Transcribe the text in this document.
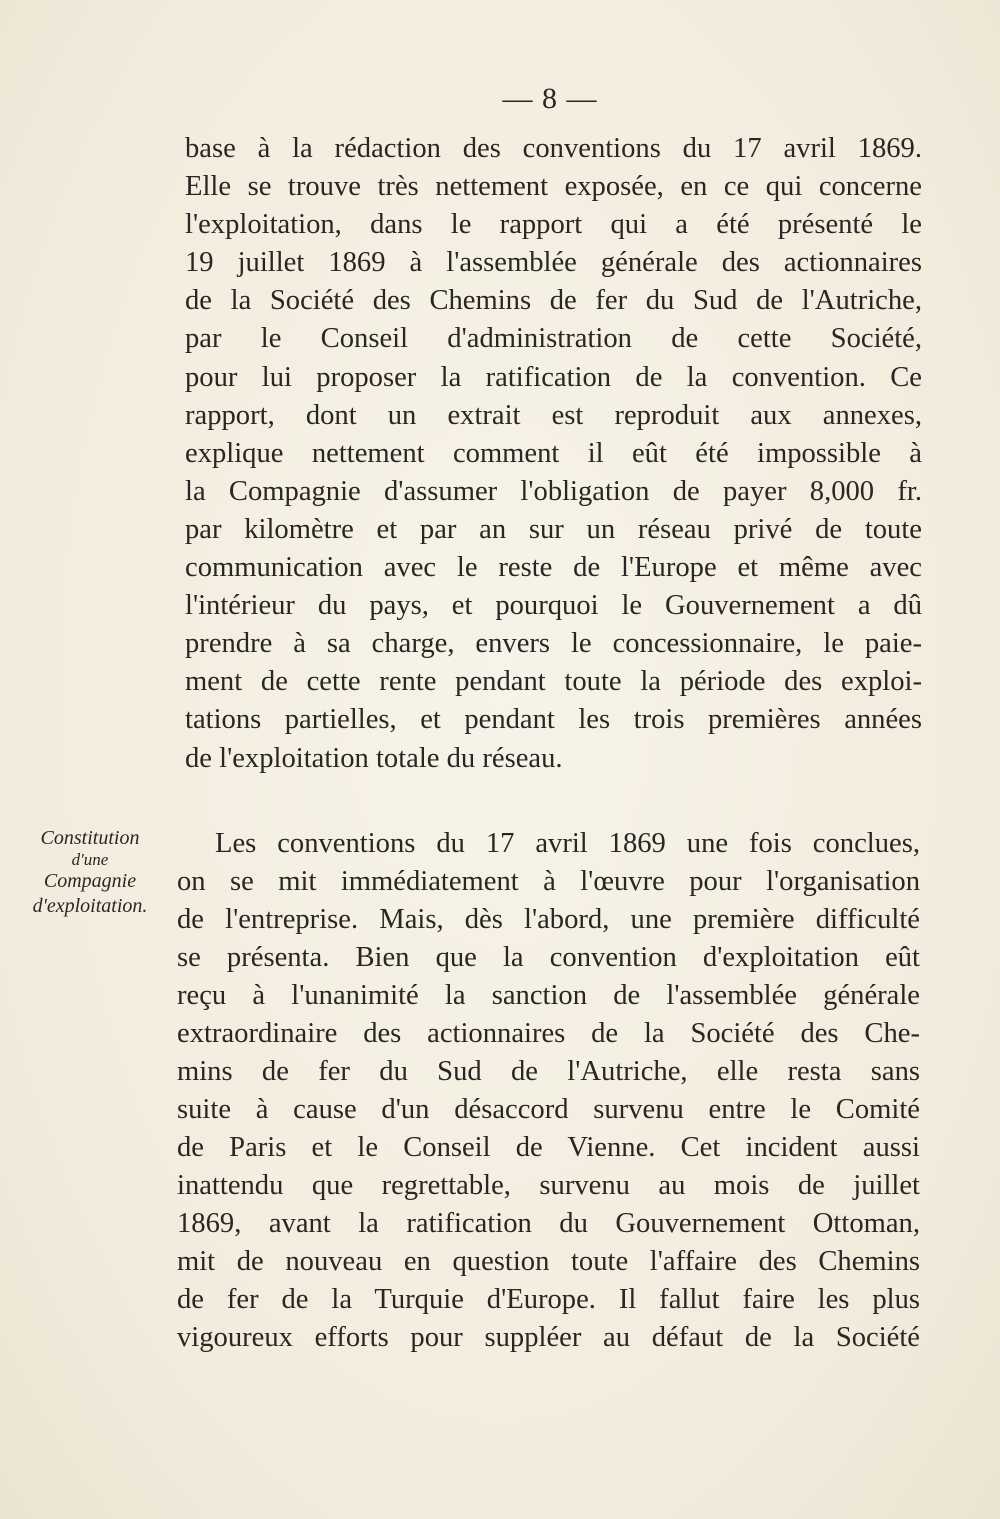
— 8 —
base à la rédaction des conventions du 17 avril 1869.
Elle se trouve très nettement exposée, en ce qui concerne
l'exploitation, dans le rapport qui a été présenté le
19 juillet 1869 à l'assemblée générale des actionnaires
de la Société des Chemins de fer du Sud de l'Autriche,
par le Conseil d'administration de cette Société,
pour lui proposer la ratification de la convention. Ce
rapport, dont un extrait est reproduit aux annexes,
explique nettement comment il eût été impossible à
la Compagnie d'assumer l'obligation de payer 8,000 fr.
par kilomètre et par an sur un réseau privé de toute
communication avec le reste de l'Europe et même avec
l'intérieur du pays, et pourquoi le Gouvernement a dû
prendre à sa charge, envers le concessionnaire, le paie-
ment de cette rente pendant toute la période des exploi-
tations partielles, et pendant les trois premières années
de l'exploitation totale du réseau.
Constitution
d'une
Compagnie
d'exploitation.
Les conventions du 17 avril 1869 une fois conclues,
on se mit immédiatement à l'œuvre pour l'organisation
de l'entreprise. Mais, dès l'abord, une première difficulté
se présenta. Bien que la convention d'exploitation eût
reçu à l'unanimité la sanction de l'assemblée générale
extraordinaire des actionnaires de la Société des Che-
mins de fer du Sud de l'Autriche, elle resta sans
suite à cause d'un désaccord survenu entre le Comité
de Paris et le Conseil de Vienne. Cet incident aussi
inattendu que regrettable, survenu au mois de juillet
1869, avant la ratification du Gouvernement Ottoman,
mit de nouveau en question toute l'affaire des Chemins
de fer de la Turquie d'Europe. Il fallut faire les plus
vigoureux efforts pour suppléer au défaut de la Société
